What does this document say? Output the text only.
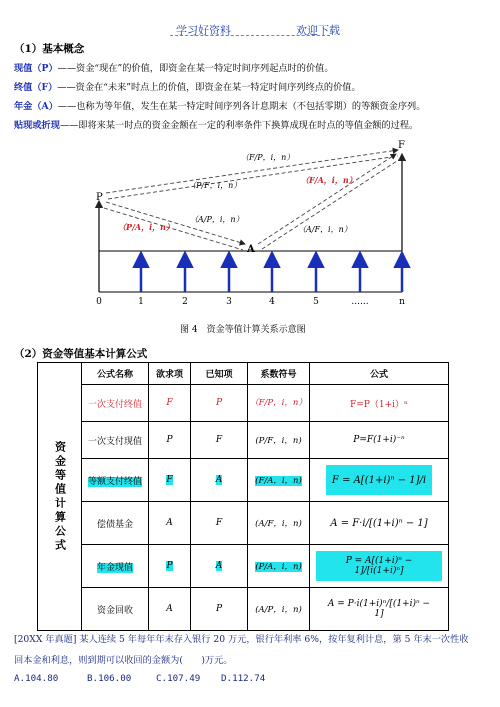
学习好资料	欢迎下载
（1）基本概念
现值（P）——资金“现在”的价值，即资金在某一特定时间序列起点时的价值。
终值（F）——资金在“未来”时点上的价值，即资金在某一特定时间序列终点的价值。
年金（A）——也称为等年值，发生在某一特定时间序列各计息期末（不包括零期）的等额资金序列。
贴现或折现——即将来某一时点的资金金额在一定的利率条件下换算成现在时点的等值金额的过程。
P
F
A
（F/P，i，n）
（P/F，i，n）
（F/A，i，n）
（P/A，i，n）
（A/P，i，n）
（A/F，i，n）
0	1	2	3	4	5	......	n
图 4　资金等值计算关系示意图
（2）资金等值基本计算公式
资金等值计算公式	公式名称	欲求项	已知项	系数符号	公式
	一次支付终值	F	P	（F/P，i，n）	F=P（1+i）ⁿ
	一次支付现值	P	F	(P/F，i，n)	P=F(1+i)⁻ⁿ
	等额支付终值	F	A	(F/A，i，n)	F = A[(1+i)ⁿ − 1]/i
	偿债基金	A	F	(A/F，i，n)	A = F·i/[(1+i)ⁿ − 1]
	年金现值	P	A	(P/A，i，n)	P = A[(1+i)ⁿ − 1]/[i(1+i)ⁿ]
	资金回收	A	P	(A/P，i，n)	A = P·i(1+i)ⁿ/[(1+i)ⁿ − 1]
[20XX 年真题] 某人连续 5 年每年年末存入银行 20 万元，银行年利率 6%，按年复利计息，第 5 年末一次性收
回本金和利息，则到期可以收回的金额为(　　)万元。
A.104.80	B.106.00	C.107.49 D.112.74
